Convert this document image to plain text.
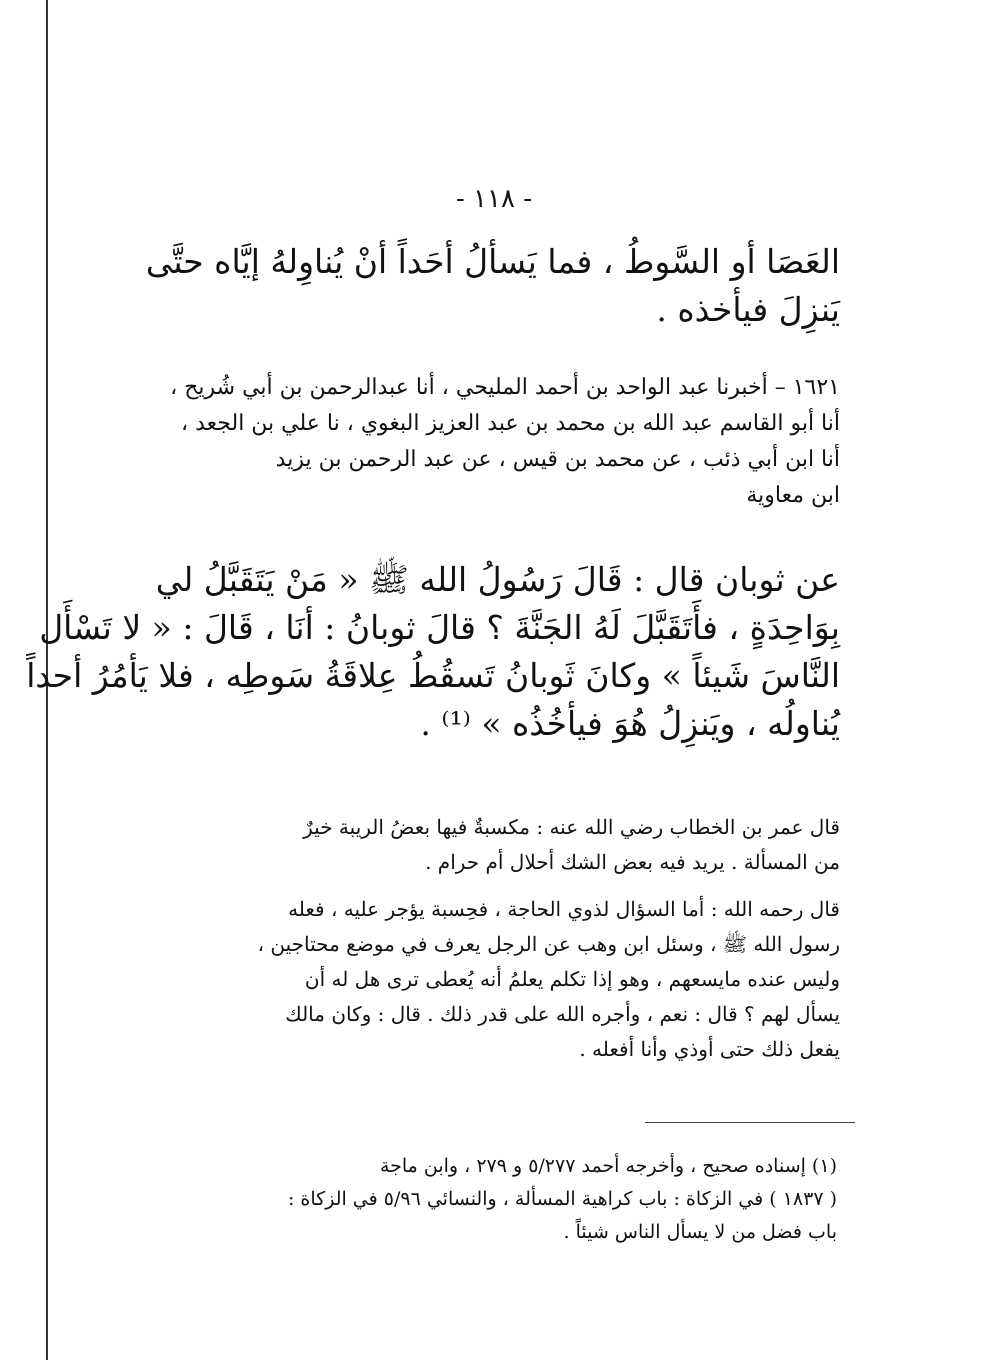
- ١١٨ -
العَصَا أو السَّوطُ ، فما يَسألُ أحَداً أنْ يُناوِلهُ إيَّاه حتَّى
يَنزِلَ فيأخذه .
١٦٢١ – أخبرنا عبد الواحد بن أحمد المليحي ، أنا عبدالرحمن بن أبي شُريح ،
أنا أبو القاسم عبد الله بن محمد بن عبد العزيز البغوي ، نا علي بن الجعد ،
أنا ابن أبي ذئب ، عن محمد بن قيس ، عن عبد الرحمن بن يزيد
ابن معاوية
عن ثوبان قال : قَالَ رَسُولُ الله ﷺ « مَنْ يَتَقَبَّلُ لي
بِوَاحِدَةٍ ، فأَتَقَبَّلَ لَهُ الجَنَّةَ ؟ قالَ ثوبانُ : أنَا ، قَالَ : « لا تَسْأَل
النَّاسَ شَيئاً » وكانَ ثَوبانُ تَسقُطُ عِلاقَةُ سَوطِه ، فلا يَأمُرُ أحداً
يُناولُه ، ويَنزِلُ هُوَ فيأخُذُه » ⁽¹⁾ .
قال عمر بن الخطاب رضي الله عنه : مكسبةٌ فيها بعضُ الريبة خيرٌ
من المسألة . يريد فيه بعض الشك أحلال أم حرام .
قال رحمه الله : أما السؤال لذوي الحاجة ، فحِسبة يؤجر عليه ، فعله
رسول الله ﷺ ، وسئل ابن وهب عن الرجل يعرف في موضع محتاجين ،
وليس عنده مايسعهم ، وهو إذا تكلم يعلمُ أنه يُعطى ترى هل له أن
يسأل لهم ؟ قال : نعم ، وأجره الله على قدر ذلك . قال : وكان مالك
يفعل ذلك حتى أوذي وأنا أفعله .
(١) إسناده صحيح ، وأخرجه أحمد ٥/٢٧٧ و ٢٧٩ ، وابن ماجة
( ١٨٣٧ ) في الزكاة : باب كراهية المسألة ، والنسائي ٥/٩٦ في الزكاة :
باب فضل من لا يسأل الناس شيئاً .
